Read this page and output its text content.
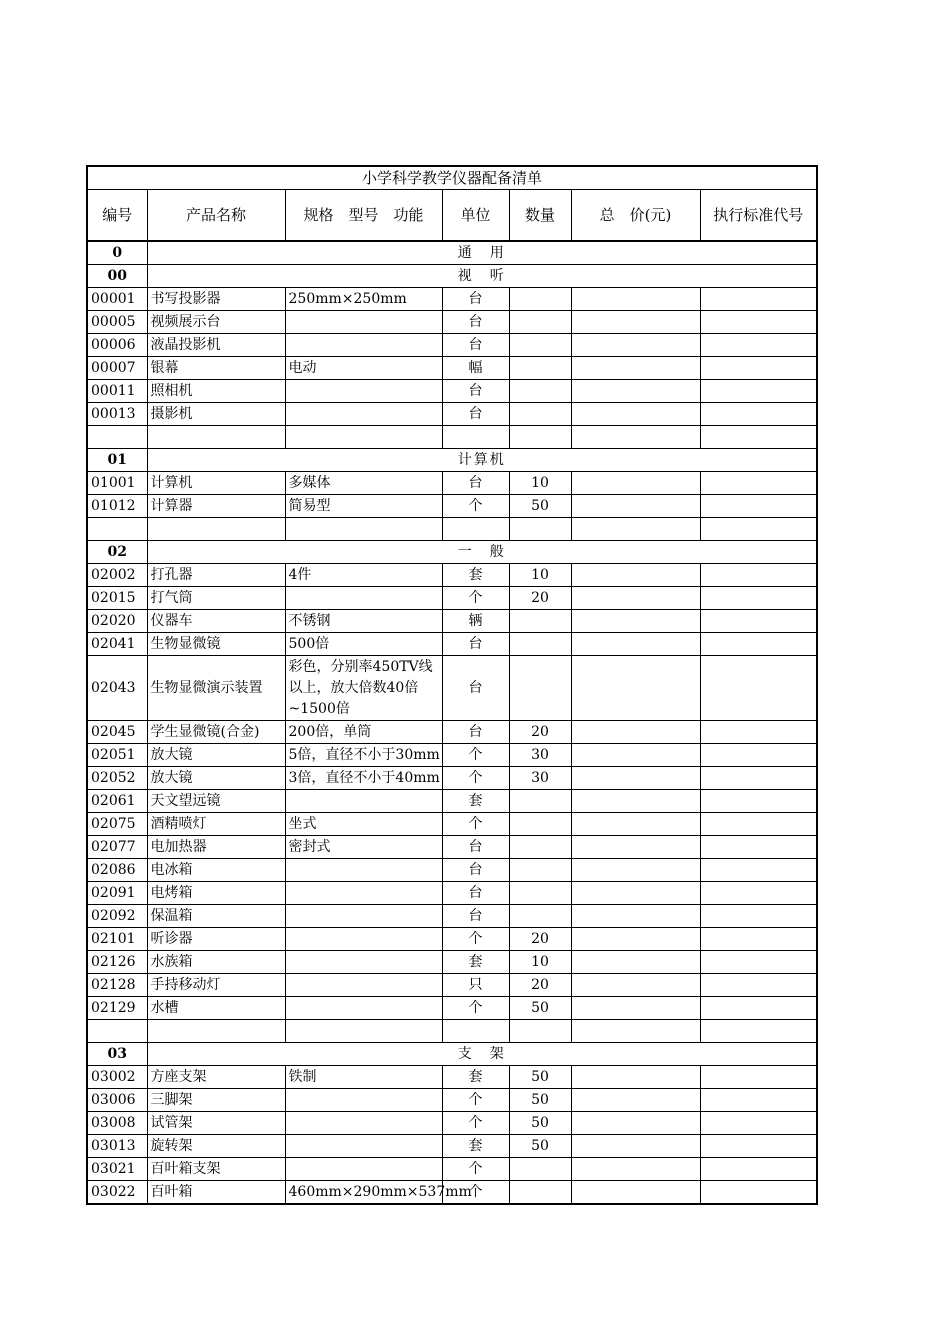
小学科学教学仪器配备清单						
编号	产品名称	规格　型号　功能	单位	数量	总　价(元)	执行标准代号
0	通　用					
00	视　听					
00001	书写投影器	250mm×250mm	台			
00005	视频展示台		台			
00006	液晶投影机		台			
00007	银幕	电动	幅			
00011	照相机		台			
00013	摄影机		台			

01	计算机					
01001	计算机	多媒体	台	10		
01012	计算器	简易型	个	50		

02	一　般					
02002	打孔器	4件	套	10		
02015	打气筒		个	20		
02020	仪器车	不锈钢	辆			
02041	生物显微镜	500倍	台			
02043	生物显微演示装置	彩色，分别率450TV线以上，放大倍数40倍~1500倍	台			
02045	学生显微镜(合金)	200倍，单筒	台	20		
02051	放大镜	5倍，直径不小于30mm	个	30		
02052	放大镜	3倍，直径不小于40mm	个	30		
02061	天文望远镜		套			
02075	酒精喷灯	坐式	个			
02077	电加热器	密封式	台			
02086	电冰箱		台			
02091	电烤箱		台			
02092	保温箱		台			
02101	听诊器		个	20		
02126	水族箱		套	10		
02128	手持移动灯		只	20		
02129	水槽		个	50		

03	支　架					
03002	方座支架	铁制	套	50		
03006	三脚架		个	50		
03008	试管架		个	50		
03013	旋转架		套	50		
03021	百叶箱支架		个			
03022	百叶箱	460mm×290mm×537mm	个			
